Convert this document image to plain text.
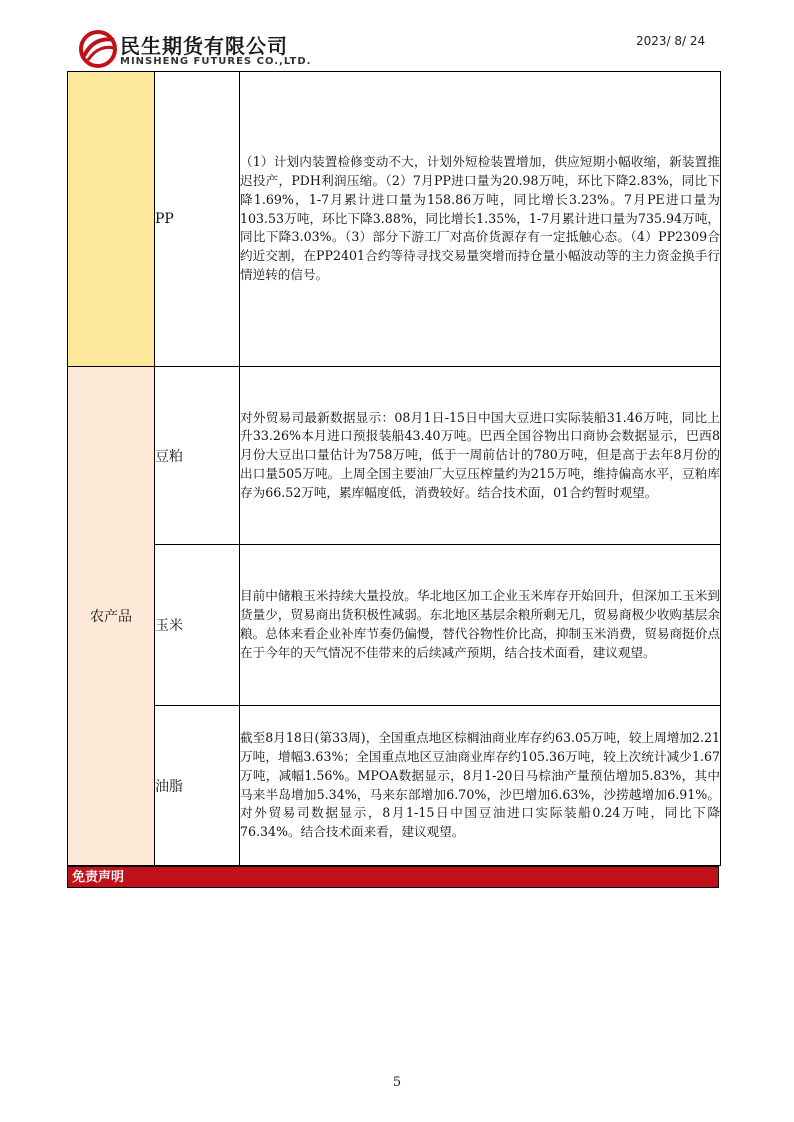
民生期货有限公司
MINSHENG FUTURES CO.,LTD.
2023/ 8/ 24
	PP	（1）计划内装置检修变动不大，计划外短检装置增加，供应短期小幅收缩，新装置推迟投产，PDH利润压缩。（2）7月PP进口量为20.98万吨，环比下降2.83%，同比下降1.69%，1-7月累计进口量为158.86万吨，同比增长3.23%。7月PE进口量为103.53万吨，环比下降3.88%，同比增长1.35%，1-7月累计进口量为735.94万吨，同比下降3.03%。（3）部分下游工厂对高价货源存有一定抵触心态。（4）PP2309合约近交割，在PP2401合约等待寻找交易量突增而持仓量小幅波动等的主力资金换手行情逆转的信号。
农产品	豆粕	对外贸易司最新数据显示：08月1日-15日中国大豆进口实际装船31.46万吨，同比上升33.26%本月进口预报装船43.40万吨。巴西全国谷物出口商协会数据显示，巴西8月份大豆出口量估计为758万吨，低于一周前估计的780万吨，但是高于去年8月份的出口量505万吨。上周全国主要油厂大豆压榨量约为215万吨，维持偏高水平，豆粕库存为66.52万吨，累库幅度低，消费较好。结合技术面，01合约暂时观望。
	玉米	目前中储粮玉米持续大量投放。华北地区加工企业玉米库存开始回升，但深加工玉米到货量少，贸易商出货积极性减弱。东北地区基层余粮所剩无几，贸易商极少收购基层余粮。总体来看企业补库节奏仍偏慢，替代谷物性价比高，抑制玉米消费，贸易商挺价点在于今年的天气情况不佳带来的后续减产预期，结合技术面看，建议观望。
	油脂	截至8月18日(第33周)，全国重点地区棕榈油商业库存约63.05万吨，较上周增加2.21万吨，增幅3.63%；全国重点地区豆油商业库存约105.36万吨，较上次统计减少1.67万吨，减幅1.56%。MPOA数据显示，8月1-20日马棕油产量预估增加5.83%，其中马来半岛增加5.34%，马来东部增加6.70%，沙巴增加6.63%，沙捞越增加6.91%。对外贸易司数据显示，8月1-15日中国豆油进口实际装船0.24万吨，同比下降76.34%。结合技术面来看，建议观望。
免责声明
5
